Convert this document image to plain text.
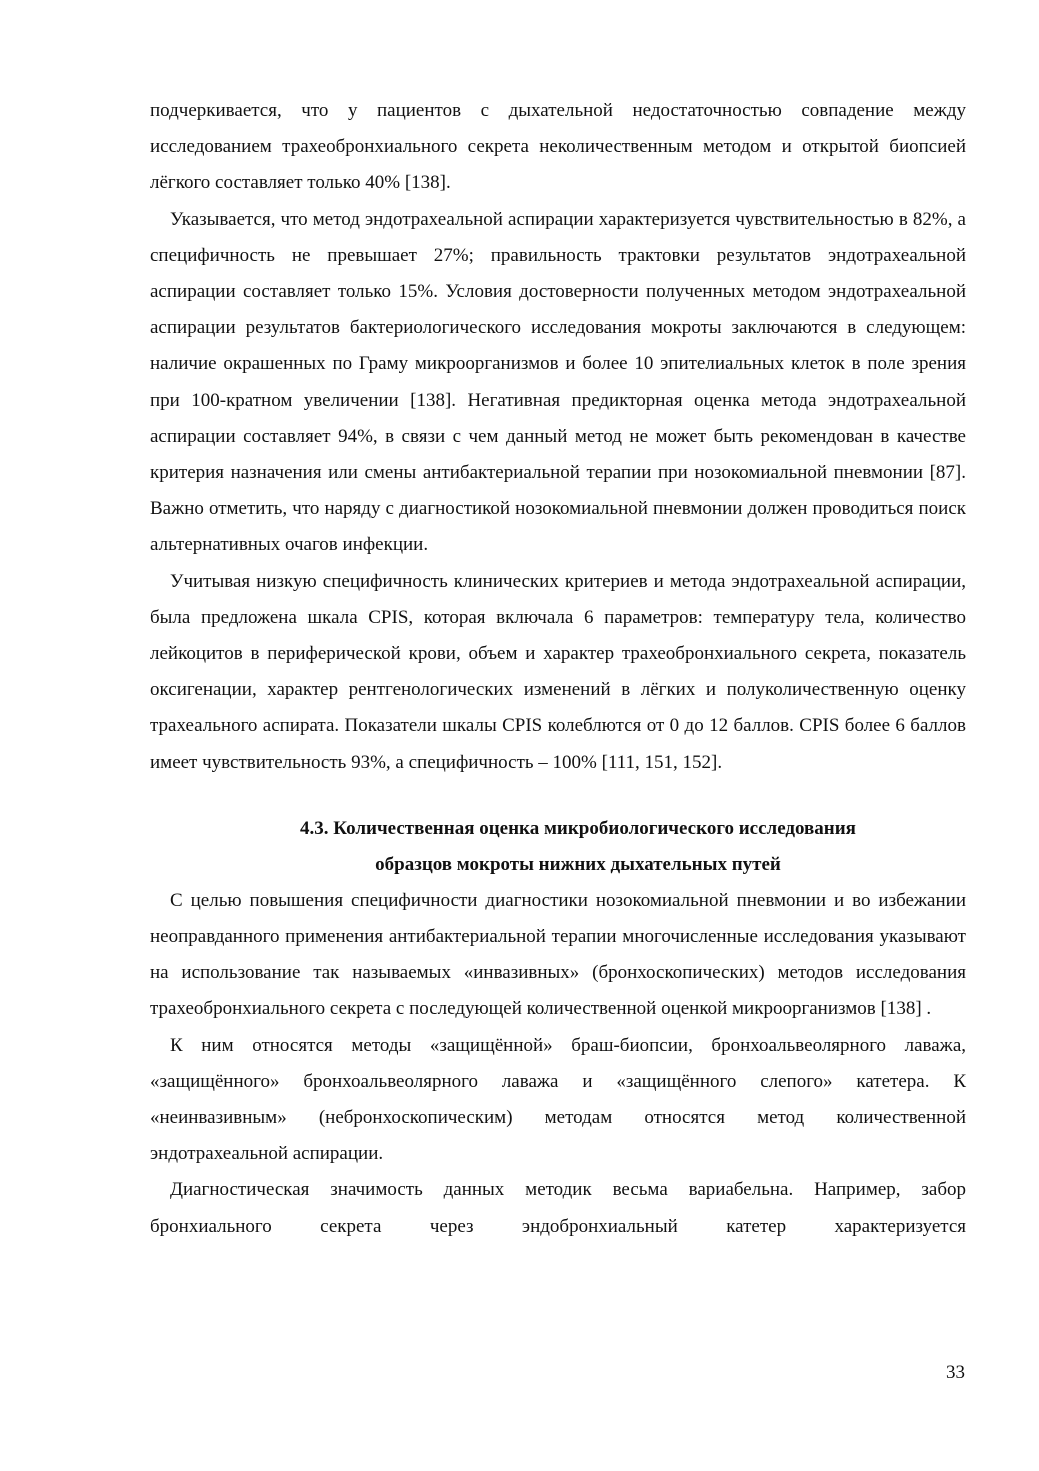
подчеркивается, что у пациентов с дыхательной недостаточностью совпадение между исследованием трахеобронхиального секрета неколичественным методом и открытой биопсией лёгкого составляет только 40% [138].

Указывается, что метод эндотрахеальной аспирации характеризуется чувствительностью в 82%, а специфичность не превышает 27%; правильность трактовки результатов эндотрахеальной аспирации составляет только 15%. Условия достоверности полученных методом эндотрахеальной аспирации результатов бактериологического исследования мокроты заключаются в следующем: наличие окрашенных по Граму микроорганизмов и более 10 эпителиальных клеток в поле зрения при 100-кратном увеличении [138]. Негативная предикторная оценка метода эндотрахеальной аспирации составляет 94%, в связи с чем данный метод не может быть рекомендован в качестве критерия назначения или смены антибактериальной терапии при нозокомиальной пневмонии [87]. Важно отметить, что наряду с диагностикой нозокомиальной пневмонии должен проводиться поиск альтернативных очагов инфекции.

Учитывая низкую специфичность клинических критериев и метода эндотрахеальной аспирации, была предложена шкала CPIS, которая включала 6 параметров: температуру тела, количество лейкоцитов в периферической крови, объем и характер трахеобронхиального секрета, показатель оксигенации, характер рентгенологических изменений в лёгких и полуколичественную оценку трахеального аспирата. Показатели шкалы CPIS колеблются от 0 до 12 баллов. CPIS более 6 баллов имеет чувствительность 93%, а специфичность – 100% [111, 151, 152].

4.3. Количественная оценка микробиологического исследования
образцов мокроты нижних дыхательных путей

С целью повышения специфичности диагностики нозокомиальной пневмонии и во избежании неоправданного применения антибактериальной терапии многочисленные исследования указывают на использование так называемых «инвазивных» (бронхоскопических) методов исследования трахеобронхиального секрета с последующей количественной оценкой микроорганизмов [138] .

К ним относятся методы «защищённой» браш-биопсии, бронхоальвеолярного лаважа, «защищённого» бронхоальвеолярного лаважа и «защищённого слепого» катетера. К «неинвазивным» (небронхоскопическим) методам относятся метод количественной эндотрахеальной аспирации.

Диагностическая значимость данных методик весьма вариабельна. Например, забор бронхиального секрета через эндобронхиальный катетер характеризуется

33
